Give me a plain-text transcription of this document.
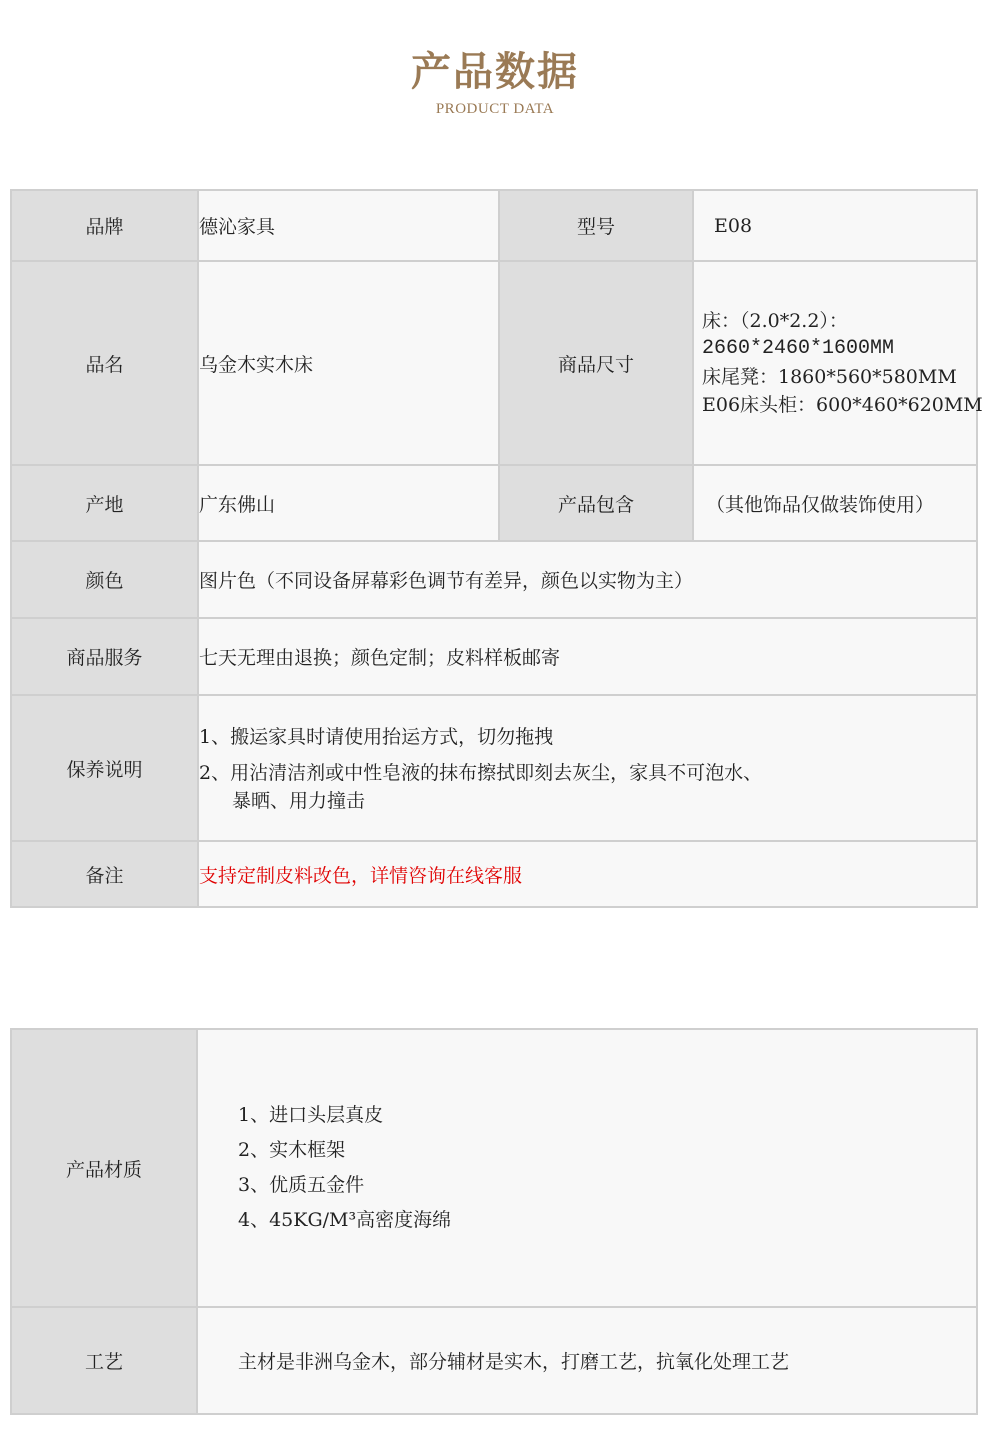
产品数据
PRODUCT DATA
品牌	德沁家具	型号	E08
品名	乌金木实木床	商品尺寸	床：（2.0*2.2）：
2660*2460*1600MM
床尾凳：1860*560*580MM
E06床头柜：600*460*620MM

产地	广东佛山	产品包含	（其他饰品仅做装饰使用）
颜色	图片色（不同设备屏幕彩色调节有差异，颜色以实物为主）		
商品服务	七天无理由退换；颜色定制；皮料样板邮寄		
保养说明	1、搬运家具时请使用抬运方式，切勿拖拽
2、用沾清洁剂或中性皂液的抹布擦拭即刻去灰尘，家具不可泡水、
暴晒、用力撞击		

备注	支持定制皮料改色，详情咨询在线客服		
产品材质	1、进口头层真皮
2、实木框架
3、优质五金件
4、45KG/M³高密度海绵

工艺	主材是非洲乌金木，部分辅材是实木，打磨工艺，抗氧化处理工艺
